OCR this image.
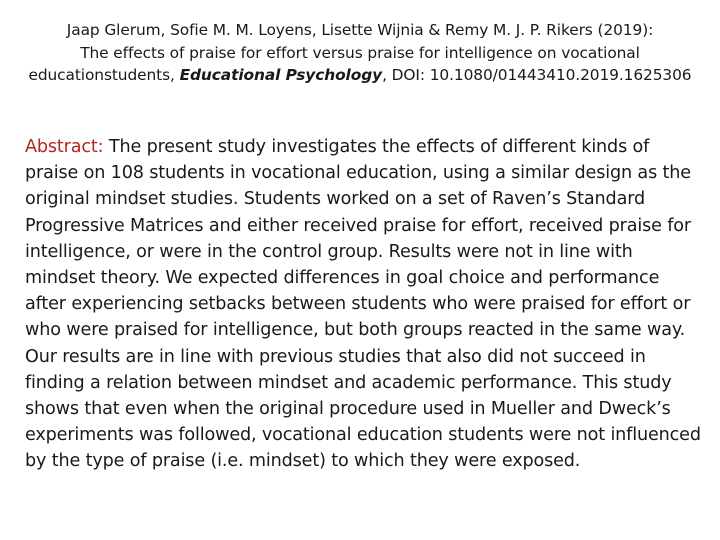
Jaap Glerum, Sofie M. M. Loyens, Lisette Wijnia & Remy M. J. P. Rikers (2019):
The effects of praise for effort versus praise for intelligence on vocational educationstudents, Educational Psychology, DOI: 10.1080/01443410.2019.1625306
Abstract: The present study investigates the effects of different kinds of praise on 108 students in vocational education, using a similar design as the original mindset studies. Students worked on a set of Raven’s Standard Progressive Matrices and either received praise for effort, received praise for intelligence, or were in the control group. Results were not in line with mindset theory. We expected differences in goal choice and performance after experiencing setbacks between students who were praised for effort or who were praised for intelligence, but both groups reacted in the same way. Our results are in line with previous studies that also did not succeed in finding a relation between mindset and academic performance. This study shows that even when the original procedure used in Mueller and Dweck’s experiments was followed, vocational education students were not influenced by the type of praise (i.e. mindset) to which they were exposed.
